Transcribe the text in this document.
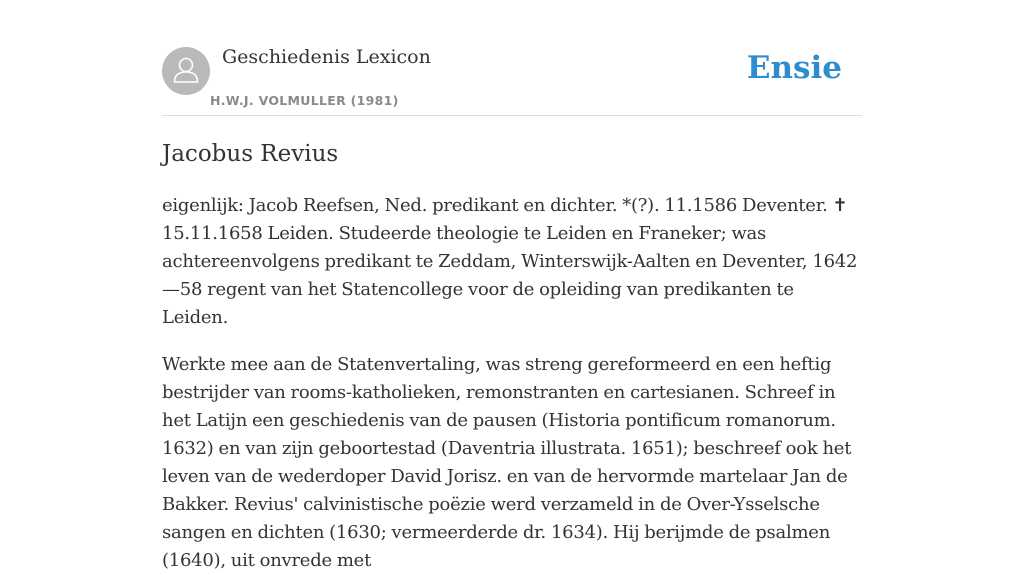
Geschiedenis Lexicon
H.W.J. VOLMULLER (1981)
Ensie
Jacobus Revius

eigenlijk: Jacob Reefsen, Ned. predikant en dichter. *(?). 11.1586 Deventer. ✝ 15.11.1658 Leiden. Studeerde theologie te Leiden en Franeker; was achtereenvolgens predikant te Zeddam, Winterswijk-Aalten en Deventer, 1642—58 regent van het Statencollege voor de opleiding van predikanten te Leiden.

Werkte mee aan de Statenvertaling, was streng gereformeerd en een heftig bestrijder van rooms-katholieken, remonstranten en cartesianen. Schreef in het Latijn een geschiedenis van de pausen (Historia pontificum romanorum. 1632) en van zijn geboortestad (Daventria illustrata. 1651); beschreef ook het leven van de wederdoper David Jorisz. en van de hervormde martelaar Jan de Bakker. Revius' calvinistische poëzie werd verzameld in de Over-Ysselsche sangen en dichten (1630; vermeerderde dr. 1634). Hij berijmde de psalmen (1640), uit onvrede met
